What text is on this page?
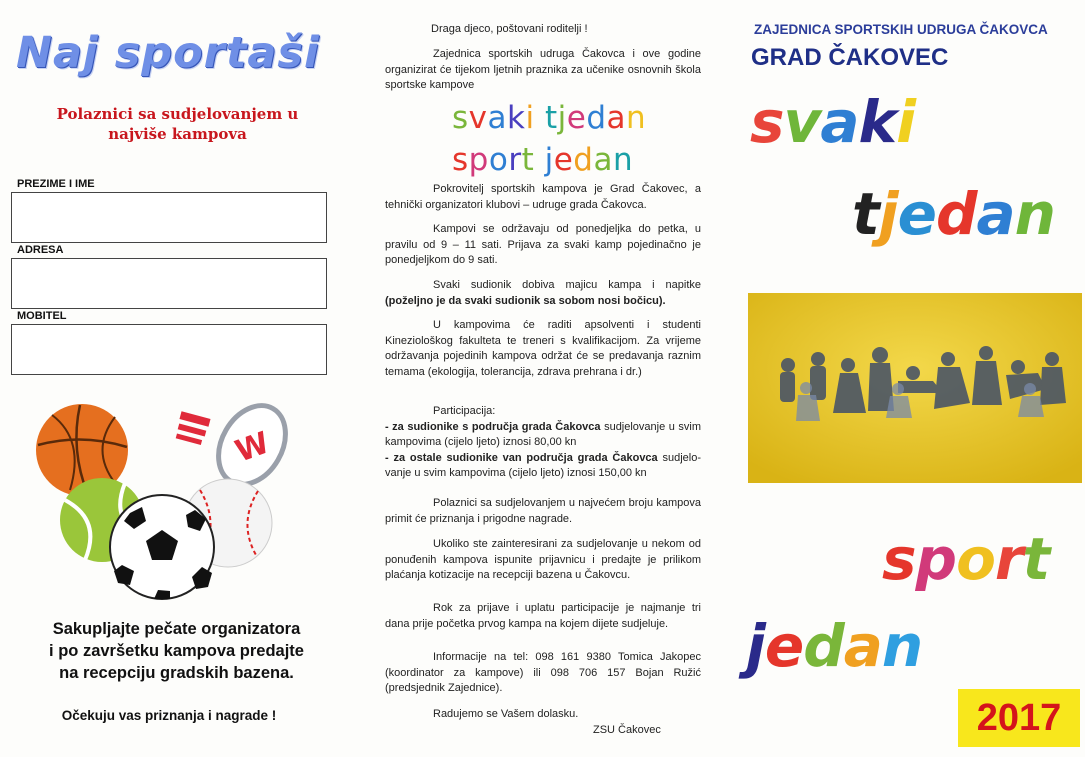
Naj sportaši
Polaznici sa sudjelovanjem u
najviše kampova
PREZIME I IME
ADRESA
MOBITEL
W
Sakupljajte pečate organizatora
i po završetku kampova predajte
na recepciju gradskih bazena.
Očekuju vas priznanja i nagrade !
Draga djeco, poštovani roditelji !
Zajednica sportskih udruga Čakovca i ove godine organizirat će tijekom ljetnih praznika za učenike osnovnih škola sportske kampove
svaki tjedan
sport jedan
Pokrovitelj sportskih kampova je Grad Čakovec, a tehnički organizatori klubovi – udruge grada Čakovca.
Kampovi se održavaju od ponedjeljka do petka, u pravilu od 9 – 11 sati. Prijava za svaki kamp pojedinačno je ponedjeljkom do 9 sati.
Svaki sudionik dobiva majicu kampa i napitke (poželjno je da svaki sudionik sa sobom nosi bočicu).
U kampovima će raditi apsolventi i studenti Kineziološkog fakulteta te treneri s kvalifikacijom. Za vrijeme održavanja pojedinih kampova održat će se predavanja raznim temama (ekologija, tolerancija, zdrava prehrana i dr.)
Participacija:
- za sudionike s područja grada Čakovca sudjelovanje u svim kampovima (cijelo ljeto) iznosi 80,00 kn
- za ostale sudionike van područja grada Čakovca sudjelo-vanje u svim kampovima (cijelo ljeto) iznosi 150,00 kn
Polaznici sa sudjelovanjem u najvećem broju kampova primit će priznanja i prigodne nagrade.
Ukoliko ste zainteresirani za sudjelovanje u nekom od ponuđenih kampova ispunite prijavnicu i predajte je prilikom plaćanja kotizacije na recepciji bazena u Čakovcu.
Rok za prijave i uplatu participacije je najmanje tri dana prije početka prvog kampa na kojem dijete sudjeluje.
Informacije na tel: 098 161 9380 Tomica Jakopec (koordinator za kampove) ili 098 706 157 Bojan Ružić (predsjednik Zajednice).
Radujemo se Vašem dolasku.
ZSU Čakovec
ZAJEDNICA SPORTSKIH UDRUGA ČAKOVCA
GRAD ČAKOVEC
svaki
tjedan
sport
jedan
2017
